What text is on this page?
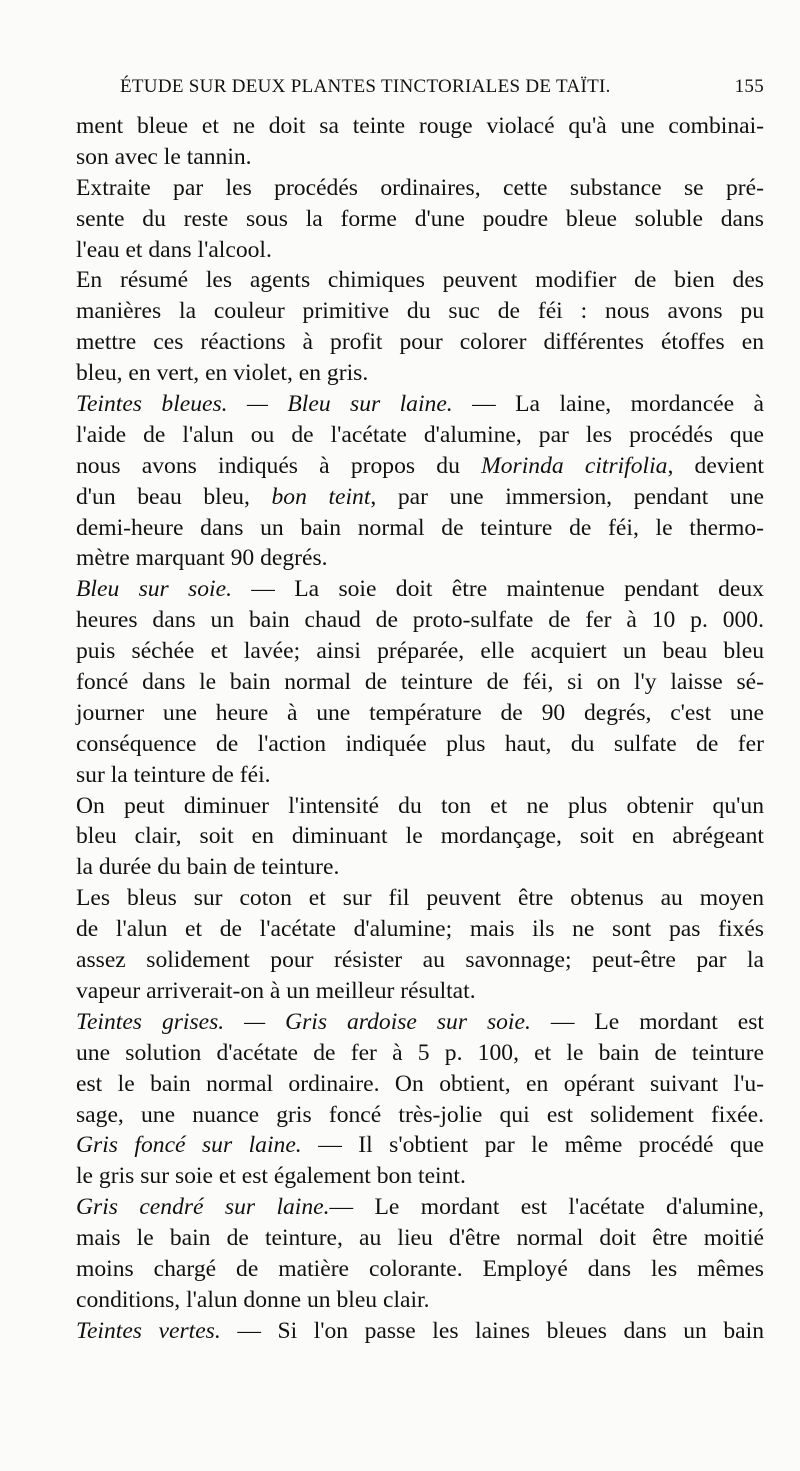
ÉTUDE SUR DEUX PLANTES TINCTORIALES DE TAÏTI.	155
ment bleue et ne doit sa teinte rouge violacé qu'à une combinai-
son avec le tannin.
Extraite par les procédés ordinaires, cette substance se pré-
sente du reste sous la forme d'une poudre bleue soluble dans
l'eau et dans l'alcool.
En résumé les agents chimiques peuvent modifier de bien des
manières la couleur primitive du suc de féi : nous avons pu
mettre ces réactions à profit pour colorer différentes étoffes en
bleu, en vert, en violet, en gris.
Teintes bleues. — Bleu sur laine. — La laine, mordancée à
l'aide de l'alun ou de l'acétate d'alumine, par les procédés que
nous avons indiqués à propos du Morinda citrifolia, devient
d'un beau bleu, bon teint, par une immersion, pendant une
demi-heure dans un bain normal de teinture de féi, le thermo-
mètre marquant 90 degrés.
Bleu sur soie. — La soie doit être maintenue pendant deux
heures dans un bain chaud de proto-sulfate de fer à 10 p. 000.
puis séchée et lavée; ainsi préparée, elle acquiert un beau bleu
foncé dans le bain normal de teinture de féi, si on l'y laisse sé-
journer une heure à une température de 90 degrés, c'est une
conséquence de l'action indiquée plus haut, du sulfate de fer
sur la teinture de féi.
On peut diminuer l'intensité du ton et ne plus obtenir qu'un
bleu clair, soit en diminuant le mordançage, soit en abrégeant
la durée du bain de teinture.
Les bleus sur coton et sur fil peuvent être obtenus au moyen
de l'alun et de l'acétate d'alumine; mais ils ne sont pas fixés
assez solidement pour résister au savonnage; peut-être par la
vapeur arriverait-on à un meilleur résultat.
Teintes grises. — Gris ardoise sur soie. — Le mordant est
une solution d'acétate de fer à 5 p. 100, et le bain de teinture
est le bain normal ordinaire. On obtient, en opérant suivant l'u-
sage, une nuance gris foncé très-jolie qui est solidement fixée.
Gris foncé sur laine. — Il s'obtient par le même procédé que
le gris sur soie et est également bon teint.
Gris cendré sur laine.— Le mordant est l'acétate d'alumine,
mais le bain de teinture, au lieu d'être normal doit être moitié
moins chargé de matière colorante. Employé dans les mêmes
conditions, l'alun donne un bleu clair.
Teintes vertes. — Si l'on passe les laines bleues dans un bain
